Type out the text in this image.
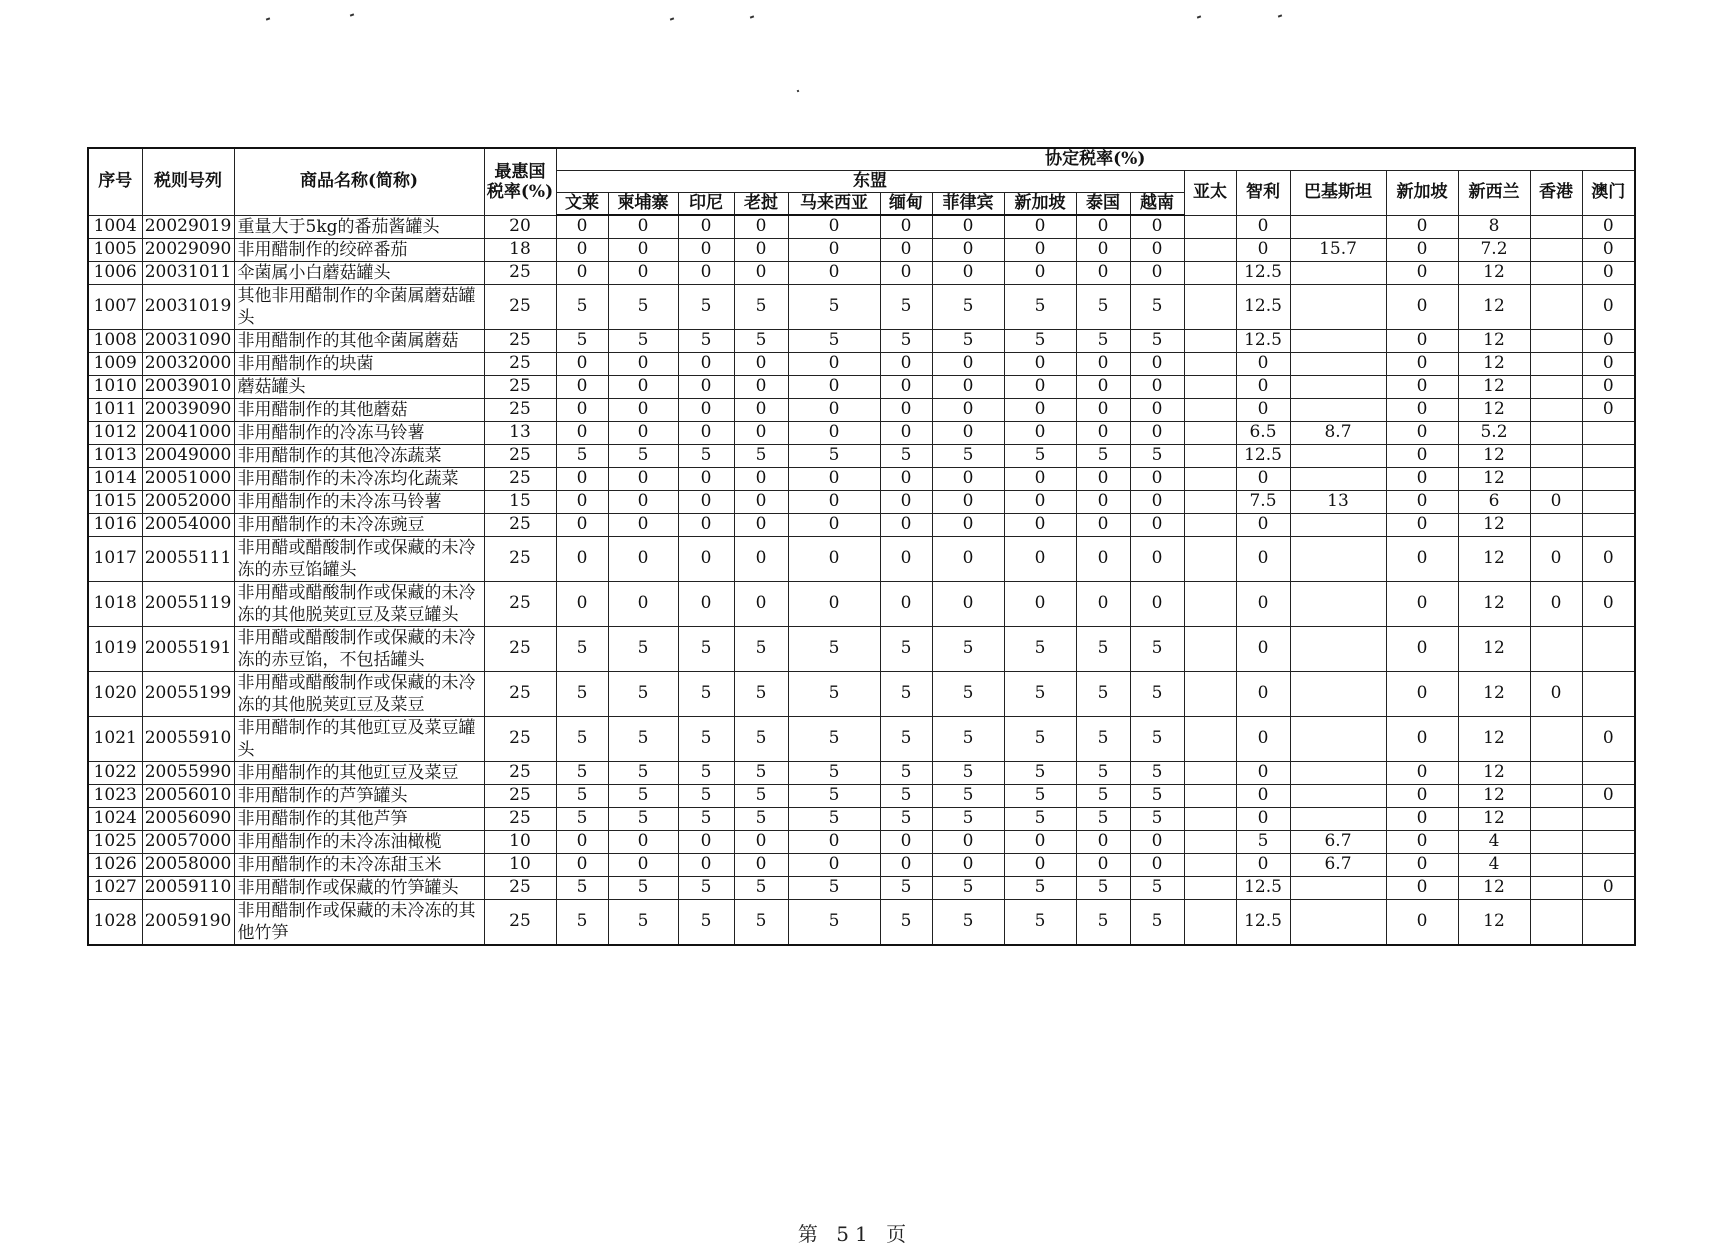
序号	税则号列	商品名称(简称)	最惠国税率(%)	协定税率(%)																
				东盟										亚太	智利	巴基斯坦	新加坡	新西兰	香港	澳门
				文莱	柬埔寨	印尼	老挝	马来西亚	缅甸	菲律宾	新加坡	泰国	越南							
1004	20029019	重量大于5kg的番茄酱罐头	20	0	0	0	0	0	0	0	0	0	0		0		0	8		0
1005	20029090	非用醋制作的绞碎番茄	18	0	0	0	0	0	0	0	0	0	0		0	15.7	0	7.2		0
1006	20031011	伞菌属小白蘑菇罐头	25	0	0	0	0	0	0	0	0	0	0		12.5		0	12		0
1007	20031019	其他非用醋制作的伞菌属蘑菇罐头	25	5	5	5	5	5	5	5	5	5	5		12.5		0	12		0
1008	20031090	非用醋制作的其他伞菌属蘑菇	25	5	5	5	5	5	5	5	5	5	5		12.5		0	12		0
1009	20032000	非用醋制作的块菌	25	0	0	0	0	0	0	0	0	0	0		0		0	12		0
1010	20039010	蘑菇罐头	25	0	0	0	0	0	0	0	0	0	0		0		0	12		0
1011	20039090	非用醋制作的其他蘑菇	25	0	0	0	0	0	0	0	0	0	0		0		0	12		0
1012	20041000	非用醋制作的冷冻马铃薯	13	0	0	0	0	0	0	0	0	0	0		6.5	8.7	0	5.2		
1013	20049000	非用醋制作的其他冷冻蔬菜	25	5	5	5	5	5	5	5	5	5	5		12.5		0	12		
1014	20051000	非用醋制作的未冷冻均化蔬菜	25	0	0	0	0	0	0	0	0	0	0		0		0	12		
1015	20052000	非用醋制作的未冷冻马铃薯	15	0	0	0	0	0	0	0	0	0	0		7.5	13	0	6	0	
1016	20054000	非用醋制作的未冷冻豌豆	25	0	0	0	0	0	0	0	0	0	0		0		0	12		
1017	20055111	非用醋或醋酸制作或保藏的未冷冻的赤豆馅罐头	25	0	0	0	0	0	0	0	0	0	0		0		0	12	0	0
1018	20055119	非用醋或醋酸制作或保藏的未冷冻的其他脱荚豇豆及菜豆罐头	25	0	0	0	0	0	0	0	0	0	0		0		0	12	0	0
1019	20055191	非用醋或醋酸制作或保藏的未冷冻的赤豆馅，不包括罐头	25	5	5	5	5	5	5	5	5	5	5		0		0	12		
1020	20055199	非用醋或醋酸制作或保藏的未冷冻的其他脱荚豇豆及菜豆	25	5	5	5	5	5	5	5	5	5	5		0		0	12	0	
1021	20055910	非用醋制作的其他豇豆及菜豆罐头	25	5	5	5	5	5	5	5	5	5	5		0		0	12		0
1022	20055990	非用醋制作的其他豇豆及菜豆	25	5	5	5	5	5	5	5	5	5	5		0		0	12		
1023	20056010	非用醋制作的芦笋罐头	25	5	5	5	5	5	5	5	5	5	5		0		0	12		0
1024	20056090	非用醋制作的其他芦笋	25	5	5	5	5	5	5	5	5	5	5		0		0	12		
1025	20057000	非用醋制作的未冷冻油橄榄	10	0	0	0	0	0	0	0	0	0	0		5	6.7	0	4		
1026	20058000	非用醋制作的未冷冻甜玉米	10	0	0	0	0	0	0	0	0	0	0		0	6.7	0	4		
1027	20059110	非用醋制作或保藏的竹笋罐头	25	5	5	5	5	5	5	5	5	5	5		12.5		0	12		0
1028	20059190	非用醋制作或保藏的未冷冻的其他竹笋	25	5	5	5	5	5	5	5	5	5	5		12.5		0	12		
第 51 页
